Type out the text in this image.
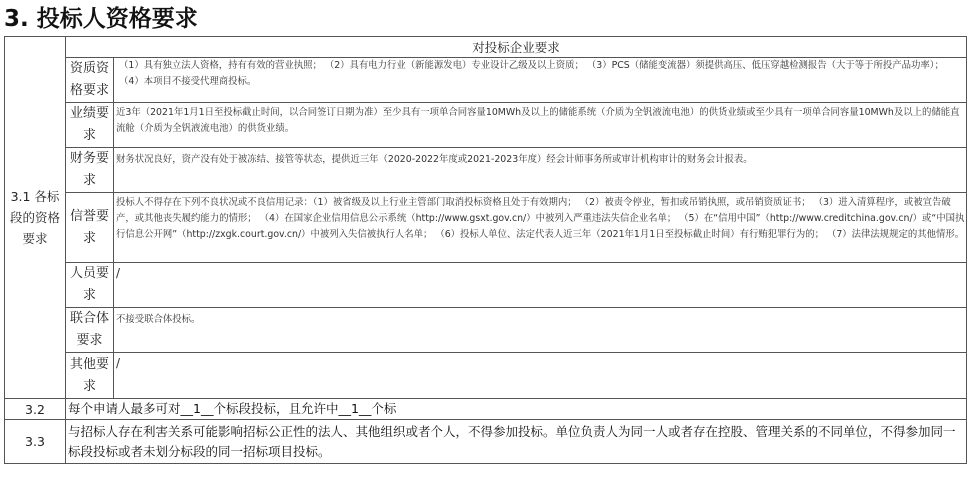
3. 投标人资格要求
3.1 各标段的资格要求	对投标企业要求	
	资质资格要求	（1）具有独立法人资格，持有有效的营业执照； （2）具有电力行业（新能源发电）专业设计乙级及以上资质； （3）PCS（储能变流器）须提供高压、低压穿越检测报告（大于等于所投产品功率）； （4）本项目不接受代理商投标。
	业绩要求	近3年（2021年1月1日至投标截止时间，以合同签订日期为准）至少具有一项单合同容量10MWh及以上的储能系统（介质为全钒液流电池）的供货业绩或至少具有一项单合同容量10MWh及以上的储能直流舱（介质为全钒液流电池）的供货业绩。
	财务要求	财务状况良好，资产没有处于被冻结、接管等状态，提供近三年（2020-2022年度或2021-2023年度）经会计师事务所或审计机构审计的财务会计报表。
	信誉要求	投标人不得存在下列不良状况或不良信用记录：（1）被省级及以上行业主管部门取消投标资格且处于有效期内； （2）被责令停业，暂扣或吊销执照，或吊销资质证书； （3）进入清算程序，或被宣告破产，或其他丧失履约能力的情形； （4）在国家企业信用信息公示系统（http://www.gsxt.gov.cn/）中被列入严重违法失信企业名单； （5）在“信用中国”（http://www.creditchina.gov.cn/）或“中国执行信息公开网”（http://zxgk.court.gov.cn/）中被列入失信被执行人名单； （6）投标人单位、法定代表人近三年（2021年1月1日至投标截止时间）有行贿犯罪行为的； （7）法律法规规定的其他情形。
	人员要求	/
	联合体要求	不接受联合体投标。
	其他要求	/
3.2	每个申请人最多可对__1__个标段投标，且允许中__1__个标	
3.3	与招标人存在利害关系可能影响招标公正性的法人、其他组织或者个人，不得参加投标。单位负责人为同一人或者存在控股、管理关系的不同单位，不得参加同一标段投标或者未划分标段的同一招标项目投标。	
